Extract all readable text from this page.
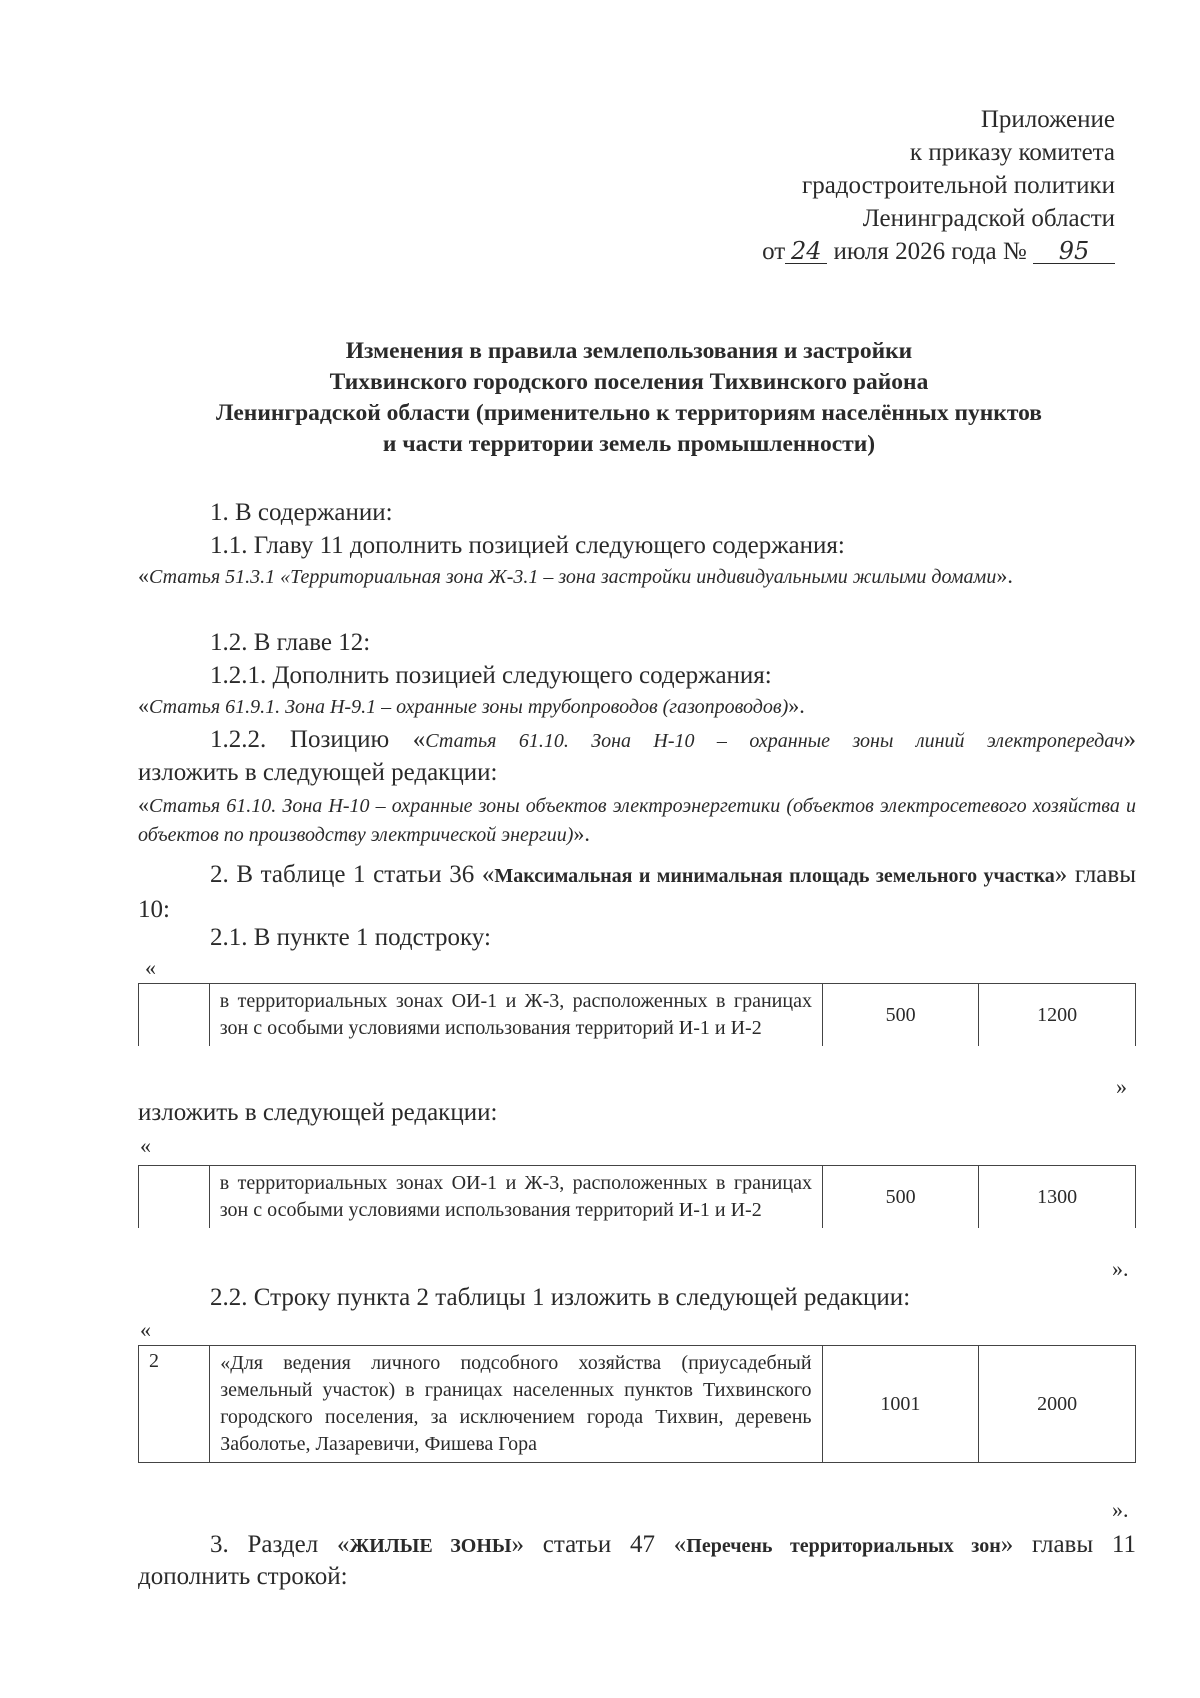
Приложение
к приказу комитета
градостроительной политики
Ленинградской области
от 24 июля 2026 года № 95
Изменения в правила землепользования и застройки
Тихвинского городского поселения Тихвинского района
Ленинградской области (применительно к территориям населённых пунктов
и части территории земель промышленности)
1. В содержании:
1.1. Главу 11 дополнить позицией следующего содержания:
«Статья 51.3.1 «Территориальная зона Ж-3.1 – зона застройки индивидуальными жилыми домами».
1.2. В главе 12:
1.2.1. Дополнить позицией следующего содержания:
«Статья 61.9.1. Зона Н-9.1 – охранные зоны трубопроводов (газопроводов)».
1.2.2. Позицию «Статья 61.10. Зона Н-10 – охранные зоны линий электропередач»
изложить в следующей редакции:
«Статья 61.10. Зона Н-10 – охранные зоны объектов электроэнергетики (объектов электросетевого хозяйства и объектов по производству электрической энергии)».
2. В таблице 1 статьи 36 «Максимальная и минимальная площадь земельного участка» главы 10:
2.1. В пункте 1 подстроку:
«
	в территориальных зонах ОИ-1 и Ж-3, расположенных в границах зон с особыми условиями использования территорий И-1 и И-2	500	1200
»
изложить в следующей редакции:
«
	в территориальных зонах ОИ-1 и Ж-3, расположенных в границах зон с особыми условиями использования территорий И-1 и И-2	500	1300
».
2.2. Строку пункта 2 таблицы 1 изложить в следующей редакции:
«
2	«Для ведения личного подсобного хозяйства (приусадебный земельный участок) в границах населенных пунктов Тихвинского городского поселения, за исключением города Тихвин, деревень Заболотье, Лазаревичи, Фишева Гора	1001	2000
».
3. Раздел «ЖИЛЫЕ ЗОНЫ» статьи 47 «Перечень территориальных зон» главы 11
дополнить строкой:
